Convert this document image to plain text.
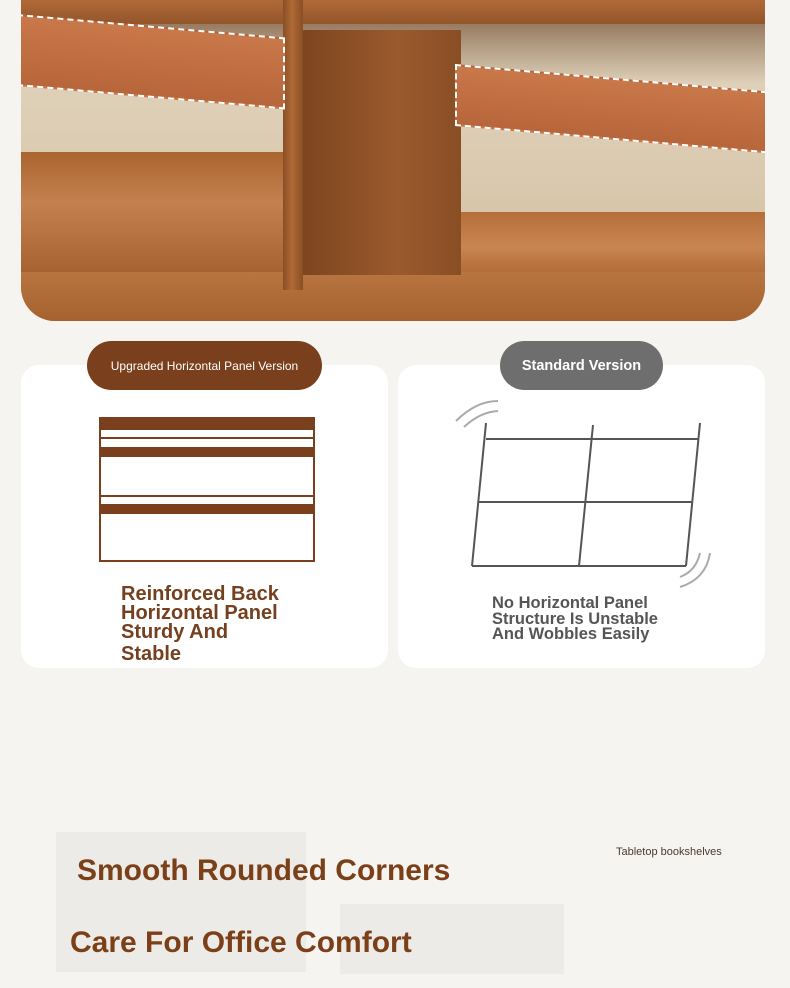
Upgraded Horizontal Panel Version	Standard Version

Reinforced Back
Horizontal Panel
Sturdy And
Stable

No Horizontal Panel
Structure Is Unstable
And Wobbles Easily

Tabletop bookshelves
Smooth Rounded Corners
Care For Office Comfort
